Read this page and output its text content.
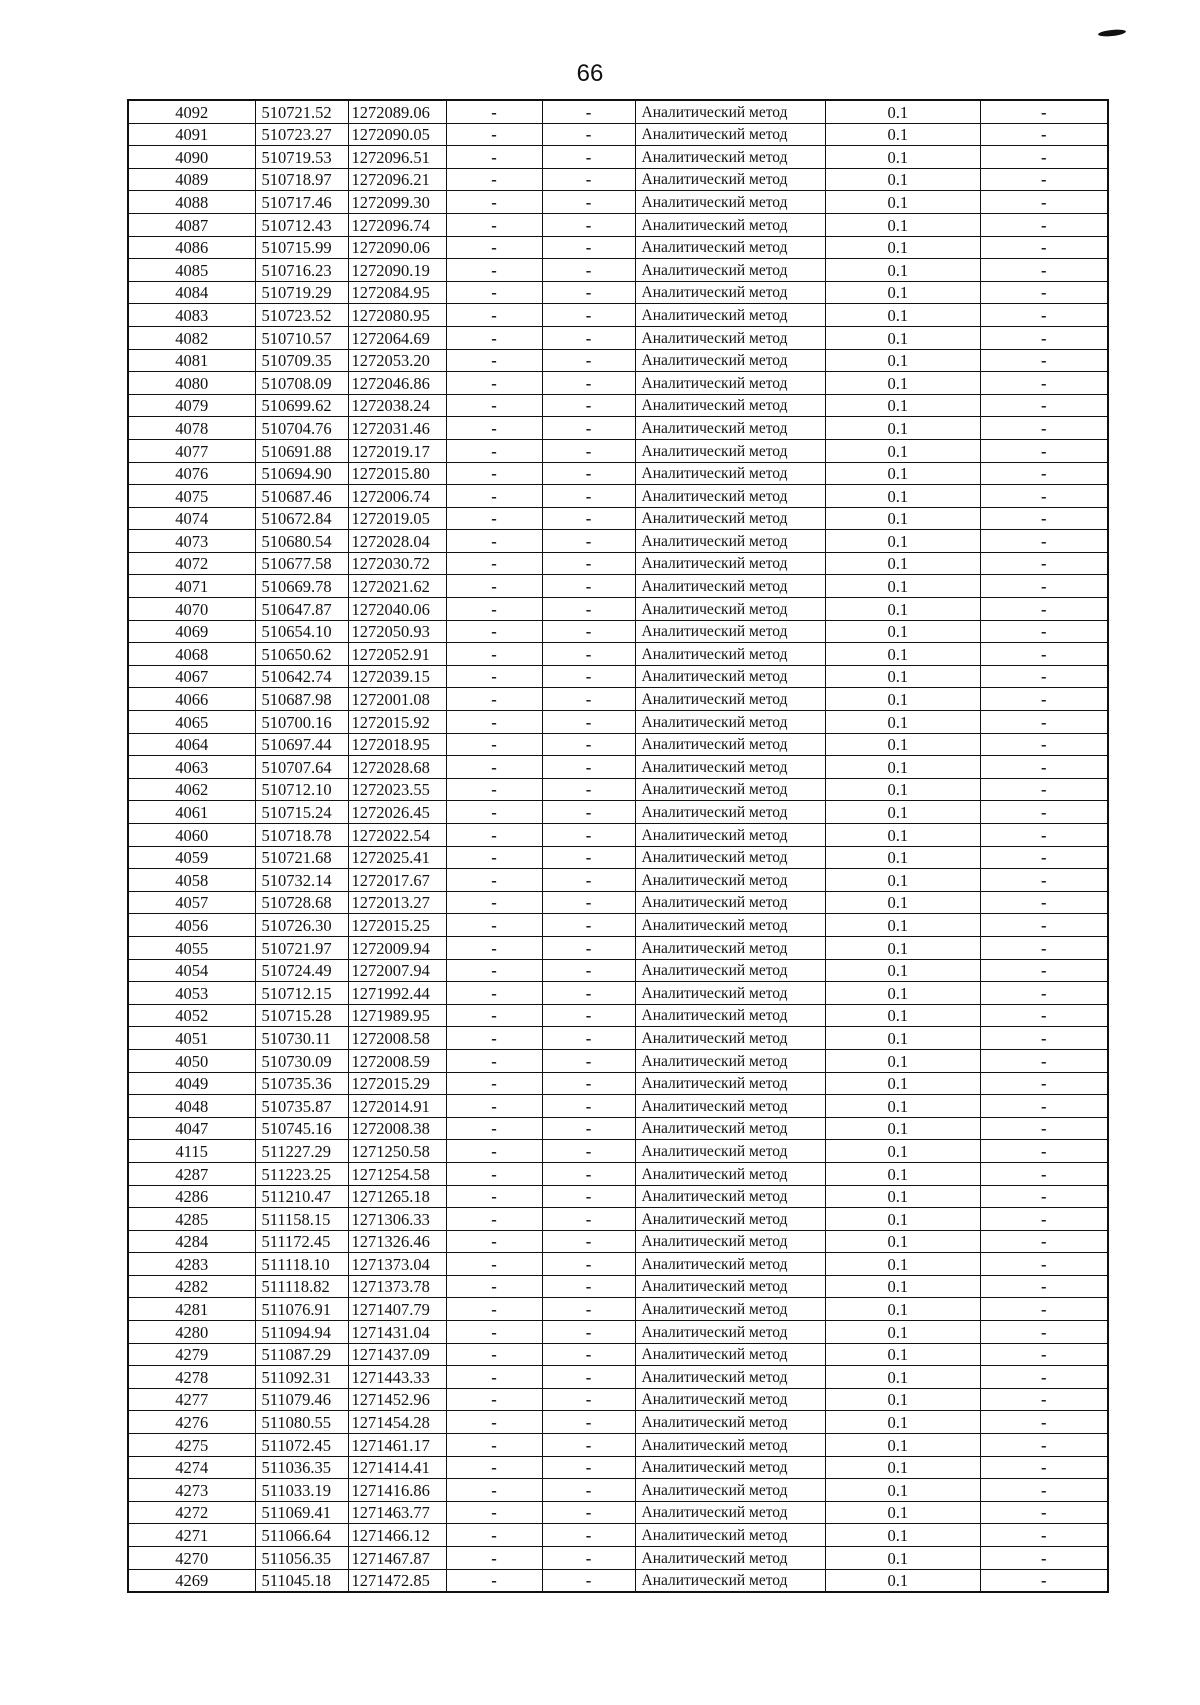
66
4092	510721.52	1272089.06	-	-	Аналитический метод	0.1	-
4091	510723.27	1272090.05	-	-	Аналитический метод	0.1	-
4090	510719.53	1272096.51	-	-	Аналитический метод	0.1	-
4089	510718.97	1272096.21	-	-	Аналитический метод	0.1	-
4088	510717.46	1272099.30	-	-	Аналитический метод	0.1	-
4087	510712.43	1272096.74	-	-	Аналитический метод	0.1	-
4086	510715.99	1272090.06	-	-	Аналитический метод	0.1	-
4085	510716.23	1272090.19	-	-	Аналитический метод	0.1	-
4084	510719.29	1272084.95	-	-	Аналитический метод	0.1	-
4083	510723.52	1272080.95	-	-	Аналитический метод	0.1	-
4082	510710.57	1272064.69	-	-	Аналитический метод	0.1	-
4081	510709.35	1272053.20	-	-	Аналитический метод	0.1	-
4080	510708.09	1272046.86	-	-	Аналитический метод	0.1	-
4079	510699.62	1272038.24	-	-	Аналитический метод	0.1	-
4078	510704.76	1272031.46	-	-	Аналитический метод	0.1	-
4077	510691.88	1272019.17	-	-	Аналитический метод	0.1	-
4076	510694.90	1272015.80	-	-	Аналитический метод	0.1	-
4075	510687.46	1272006.74	-	-	Аналитический метод	0.1	-
4074	510672.84	1272019.05	-	-	Аналитический метод	0.1	-
4073	510680.54	1272028.04	-	-	Аналитический метод	0.1	-
4072	510677.58	1272030.72	-	-	Аналитический метод	0.1	-
4071	510669.78	1272021.62	-	-	Аналитический метод	0.1	-
4070	510647.87	1272040.06	-	-	Аналитический метод	0.1	-
4069	510654.10	1272050.93	-	-	Аналитический метод	0.1	-
4068	510650.62	1272052.91	-	-	Аналитический метод	0.1	-
4067	510642.74	1272039.15	-	-	Аналитический метод	0.1	-
4066	510687.98	1272001.08	-	-	Аналитический метод	0.1	-
4065	510700.16	1272015.92	-	-	Аналитический метод	0.1	-
4064	510697.44	1272018.95	-	-	Аналитический метод	0.1	-
4063	510707.64	1272028.68	-	-	Аналитический метод	0.1	-
4062	510712.10	1272023.55	-	-	Аналитический метод	0.1	-
4061	510715.24	1272026.45	-	-	Аналитический метод	0.1	-
4060	510718.78	1272022.54	-	-	Аналитический метод	0.1	-
4059	510721.68	1272025.41	-	-	Аналитический метод	0.1	-
4058	510732.14	1272017.67	-	-	Аналитический метод	0.1	-
4057	510728.68	1272013.27	-	-	Аналитический метод	0.1	-
4056	510726.30	1272015.25	-	-	Аналитический метод	0.1	-
4055	510721.97	1272009.94	-	-	Аналитический метод	0.1	-
4054	510724.49	1272007.94	-	-	Аналитический метод	0.1	-
4053	510712.15	1271992.44	-	-	Аналитический метод	0.1	-
4052	510715.28	1271989.95	-	-	Аналитический метод	0.1	-
4051	510730.11	1272008.58	-	-	Аналитический метод	0.1	-
4050	510730.09	1272008.59	-	-	Аналитический метод	0.1	-
4049	510735.36	1272015.29	-	-	Аналитический метод	0.1	-
4048	510735.87	1272014.91	-	-	Аналитический метод	0.1	-
4047	510745.16	1272008.38	-	-	Аналитический метод	0.1	-
4115	511227.29	1271250.58	-	-	Аналитический метод	0.1	-
4287	511223.25	1271254.58	-	-	Аналитический метод	0.1	-
4286	511210.47	1271265.18	-	-	Аналитический метод	0.1	-
4285	511158.15	1271306.33	-	-	Аналитический метод	0.1	-
4284	511172.45	1271326.46	-	-	Аналитический метод	0.1	-
4283	511118.10	1271373.04	-	-	Аналитический метод	0.1	-
4282	511118.82	1271373.78	-	-	Аналитический метод	0.1	-
4281	511076.91	1271407.79	-	-	Аналитический метод	0.1	-
4280	511094.94	1271431.04	-	-	Аналитический метод	0.1	-
4279	511087.29	1271437.09	-	-	Аналитический метод	0.1	-
4278	511092.31	1271443.33	-	-	Аналитический метод	0.1	-
4277	511079.46	1271452.96	-	-	Аналитический метод	0.1	-
4276	511080.55	1271454.28	-	-	Аналитический метод	0.1	-
4275	511072.45	1271461.17	-	-	Аналитический метод	0.1	-
4274	511036.35	1271414.41	-	-	Аналитический метод	0.1	-
4273	511033.19	1271416.86	-	-	Аналитический метод	0.1	-
4272	511069.41	1271463.77	-	-	Аналитический метод	0.1	-
4271	511066.64	1271466.12	-	-	Аналитический метод	0.1	-
4270	511056.35	1271467.87	-	-	Аналитический метод	0.1	-
4269	511045.18	1271472.85	-	-	Аналитический метод	0.1	-
